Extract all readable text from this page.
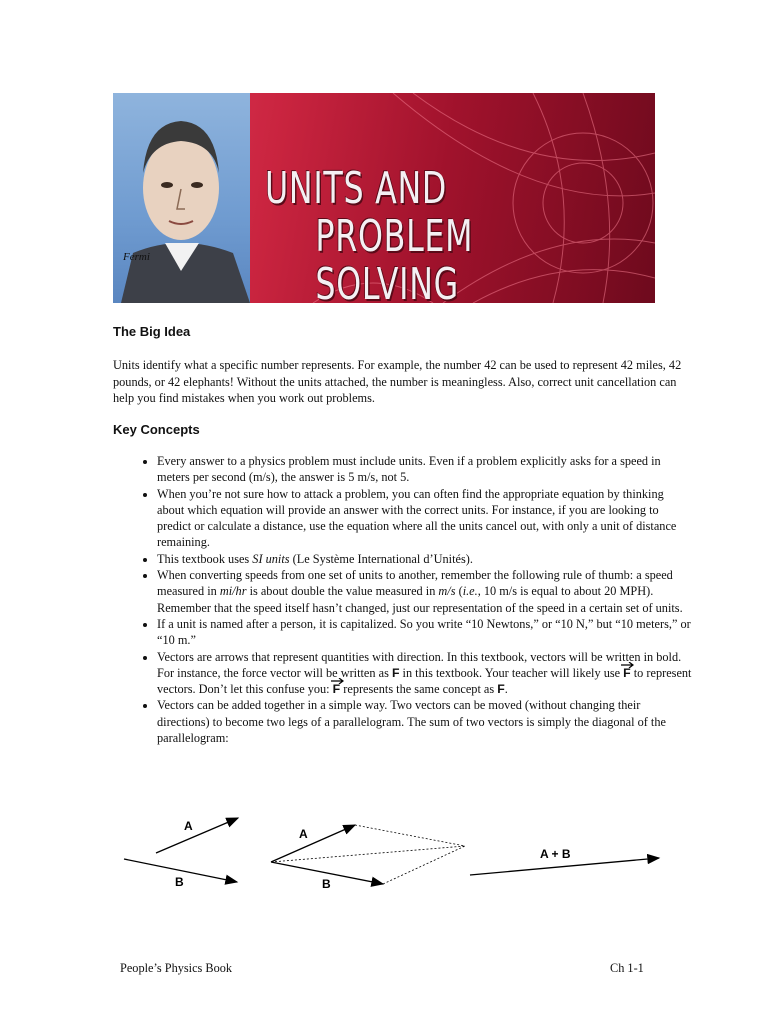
Fermi
UNITS AND
PROBLEM SOLVING
The Big Idea
Units identify what a specific number represents. For example, the number 42 can be used to represent 42 miles, 42 pounds, or 42 elephants! Without the units attached, the number is meaningless. Also, correct unit cancellation can help you find mistakes when you work out problems.
Key Concepts
• Every answer to a physics problem must include units. Even if a problem explicitly asks for a speed in meters per second (m/s), the answer is 5 m/s, not 5.
• When you’re not sure how to attack a problem, you can often find the appropriate equation by thinking about which equation will provide an answer with the correct units. For instance, if you are looking to predict or calculate a distance, use the equation where all the units cancel out, with only a unit of distance remaining.
• This textbook uses SI units (Le Système International d’Unités).
• When converting speeds from one set of units to another, remember the following rule of thumb: a speed measured in mi/hr is about double the value measured in m/s (i.e., 10 m/s is equal to about 20 MPH). Remember that the speed itself hasn’t changed, just our representation of the speed in a certain set of units.
• If a unit is named after a person, it is capitalized. So you write “10 Newtons,” or “10 N,” but “10 meters,” or “10 m.”
• Vectors are arrows that represent quantities with direction. In this textbook, vectors will be written in bold. For instance, the force vector will be written as F in this textbook. Your teacher will likely use F
to represent vectors. Don’t let this confuse you: F
represents the same concept as F.
• Vectors can be added together in a simple way. Two vectors can be moved (without changing their directions) to become two legs of a parallelogram. The sum of two vectors is simply the diagonal of the parallelogram:
A
B
A
B
A + B
People’s Physics Book	Ch 1-1
